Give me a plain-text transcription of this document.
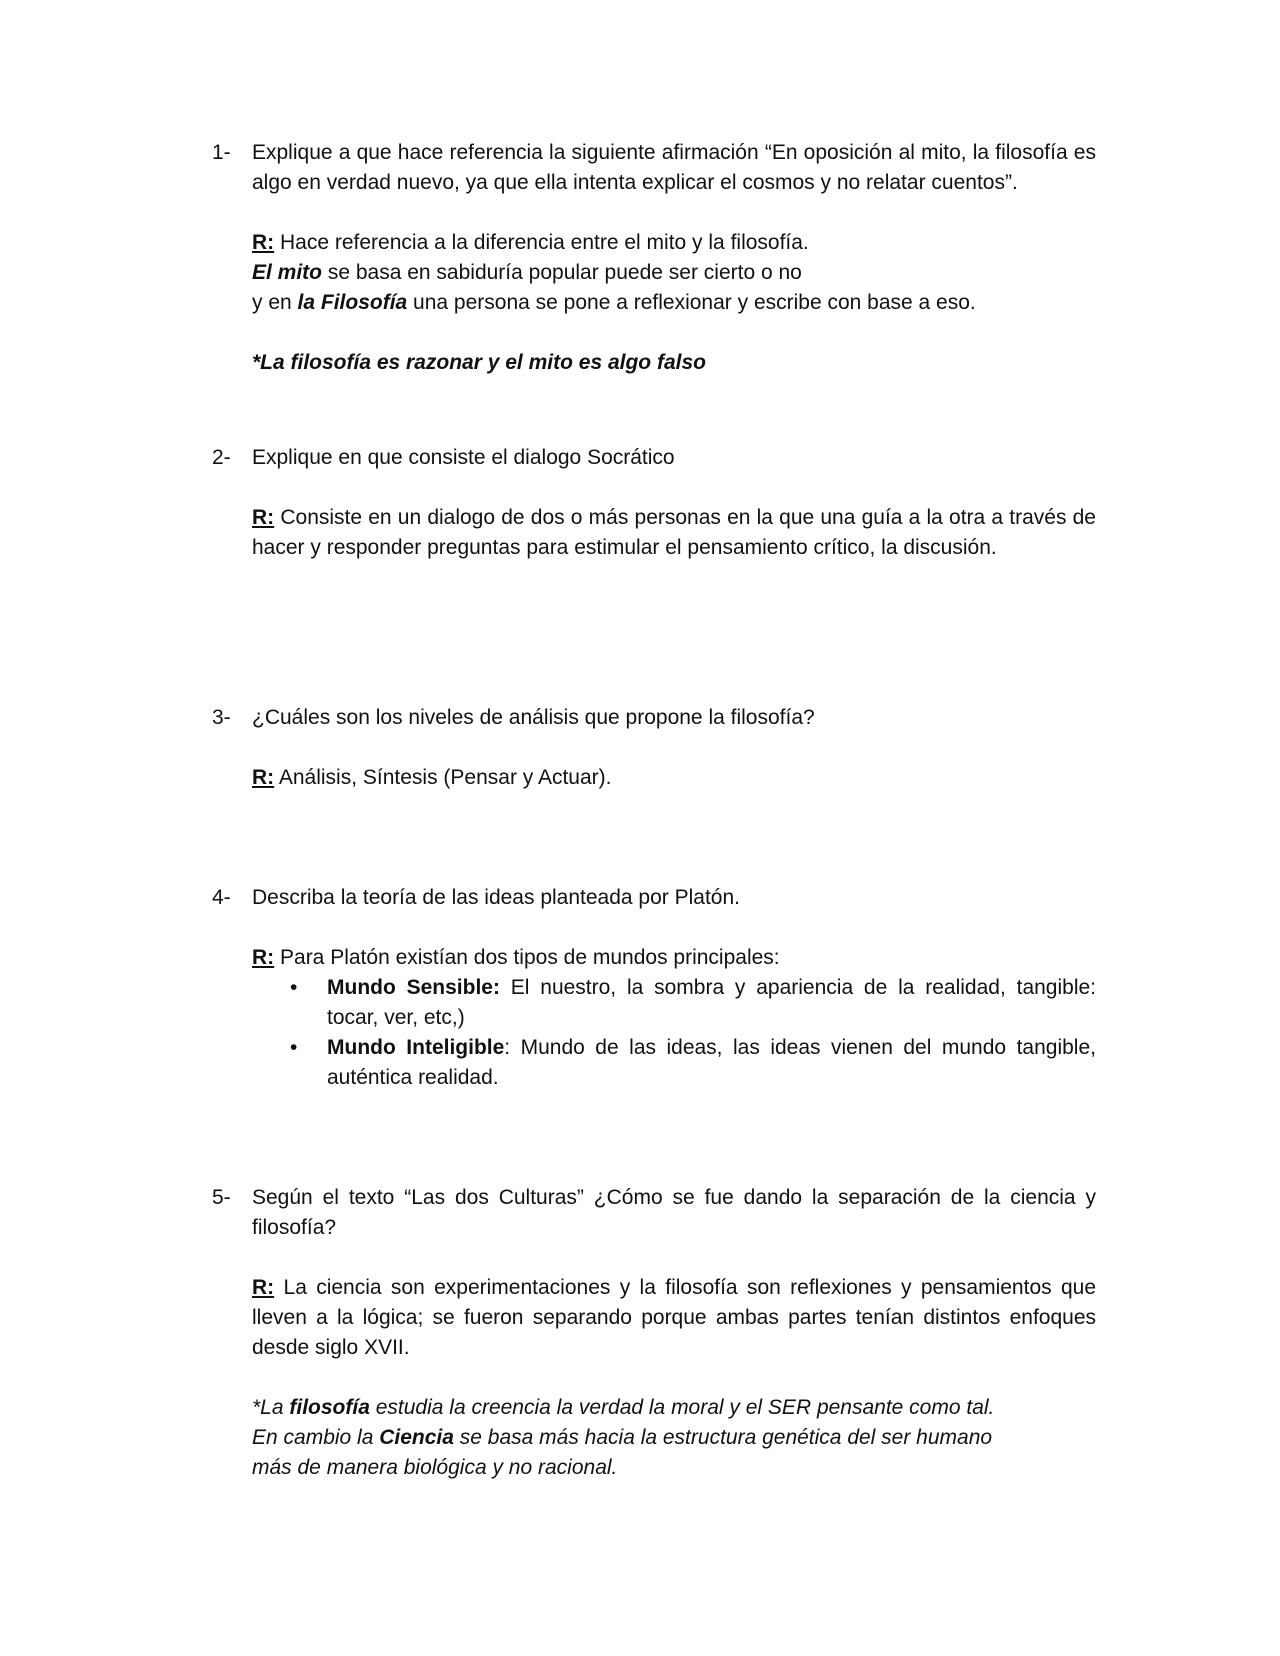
1-	Explique a que hace referencia la siguiente afirmación “En oposición al mito, la filosofía es algo en verdad nuevo, ya que ella intenta explicar el cosmos y no relatar cuentos”.

R: Hace referencia a la diferencia entre el mito y la filosofía.

El mito se basa en sabiduría popular puede ser cierto o no

y en la Filosofía una persona se pone a reflexionar y escribe con base a eso.

*La filosofía es razonar y el mito es algo falso

2-	Explique en que consiste el dialogo Socrático

R: Consiste en un dialogo de dos o más personas en la que una guía a la otra a través de hacer y responder preguntas para estimular el pensamiento crítico, la discusión.

3-	¿Cuáles son los niveles de análisis que propone la filosofía?

R: Análisis, Síntesis (Pensar y Actuar).

4-	Describa la teoría de las ideas planteada por Platón.

R: Para Platón existían dos tipos de mundos principales:

• Mundo Sensible: El nuestro, la sombra y apariencia de la realidad, tangible: tocar, ver, etc,)
• Mundo Inteligible: Mundo de las ideas, las ideas vienen del mundo tangible, auténtica realidad.
5-	Según el texto “Las dos Culturas” ¿Cómo se fue dando la separación de la ciencia y filosofía?

R: La ciencia son experimentaciones y la filosofía son reflexiones y pensamientos que lleven a la lógica; se fueron separando porque ambas partes tenían distintos enfoques desde siglo XVII.

*La filosofía estudia la creencia la verdad la moral y el SER pensante como tal.

En cambio la Ciencia se basa más hacia la estructura genética del ser humano

más de manera biológica y no racional.
